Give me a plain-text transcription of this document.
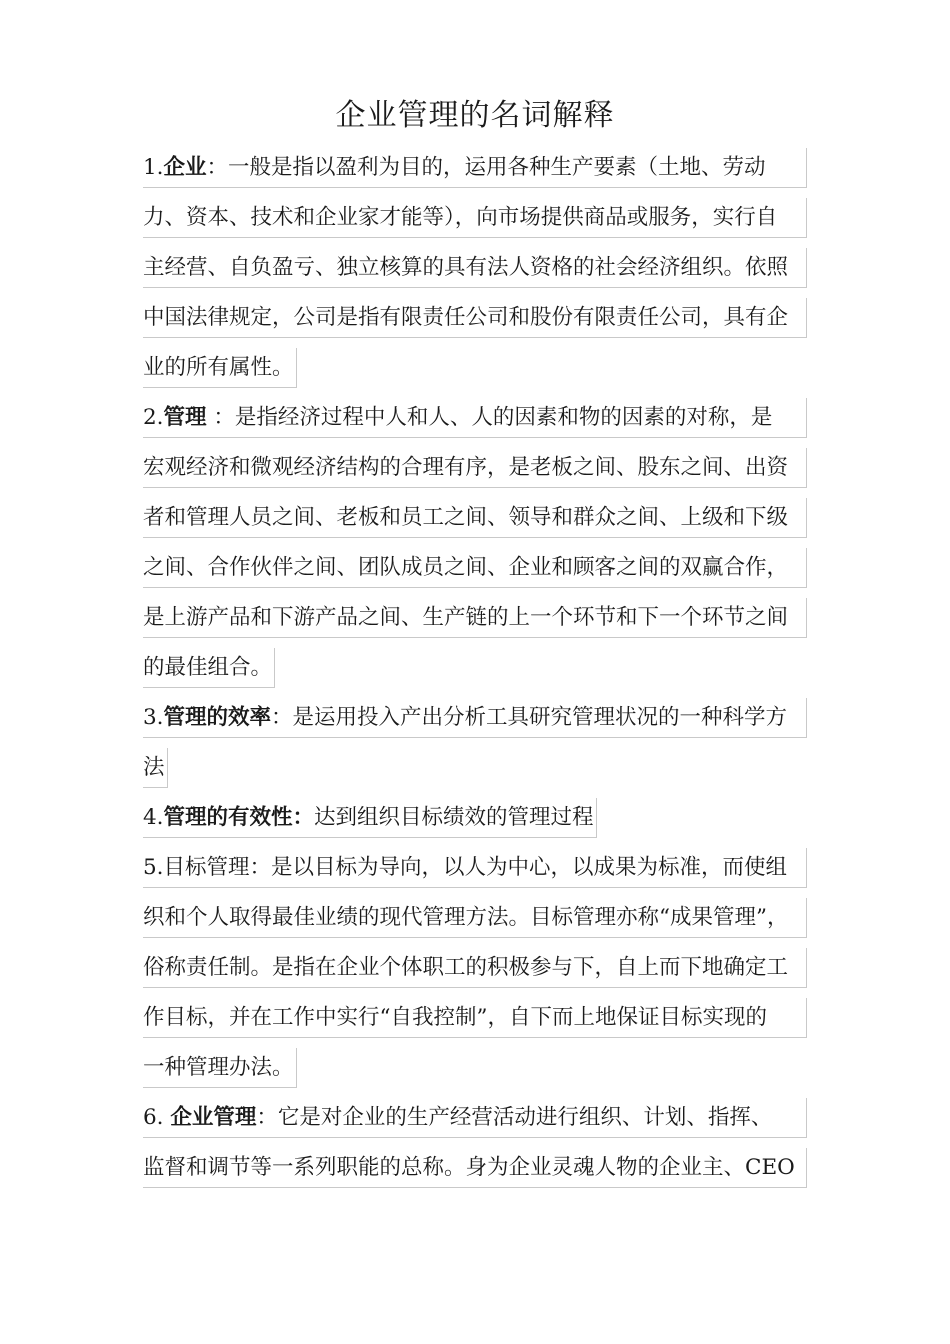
企业管理的名词解释
1.企业：一般是指以盈利为目的，运用各种生产要素（土地、劳动
力、资本、技术和企业家才能等），向市场提供商品或服务，实行自
主经营、自负盈亏、独立核算的具有法人资格的社会经济组织。依照
中国法律规定，公司是指有限责任公司和股份有限责任公司，具有企
业的所有属性。
2.管理 ：是指经济过程中人和人、人的因素和物的因素的对称，是
宏观经济和微观经济结构的合理有序，是老板之间、股东之间、出资
者和管理人员之间、老板和员工之间、领导和群众之间、上级和下级
之间、合作伙伴之间、团队成员之间、企业和顾客之间的双赢合作，
是上游产品和下游产品之间、生产链的上一个环节和下一个环节之间
的最佳组合。
3.管理的效率：是运用投入产出分析工具研究管理状况的一种科学方
法
4.管理的有效性：达到组织目标绩效的管理过程
5.目标管理：是以目标为导向，以人为中心，以成果为标准，而使组
织和个人取得最佳业绩的现代管理方法。目标管理亦称“成果管理”，
俗称责任制。是指在企业个体职工的积极参与下，自上而下地确定工
作目标，并在工作中实行“自我控制”，自下而上地保证目标实现的
一种管理办法。
6. 企业管理：它是对企业的生产经营活动进行组织、计划、指挥、
监督和调节等一系列职能的总称。身为企业灵魂人物的企业主、CEO
